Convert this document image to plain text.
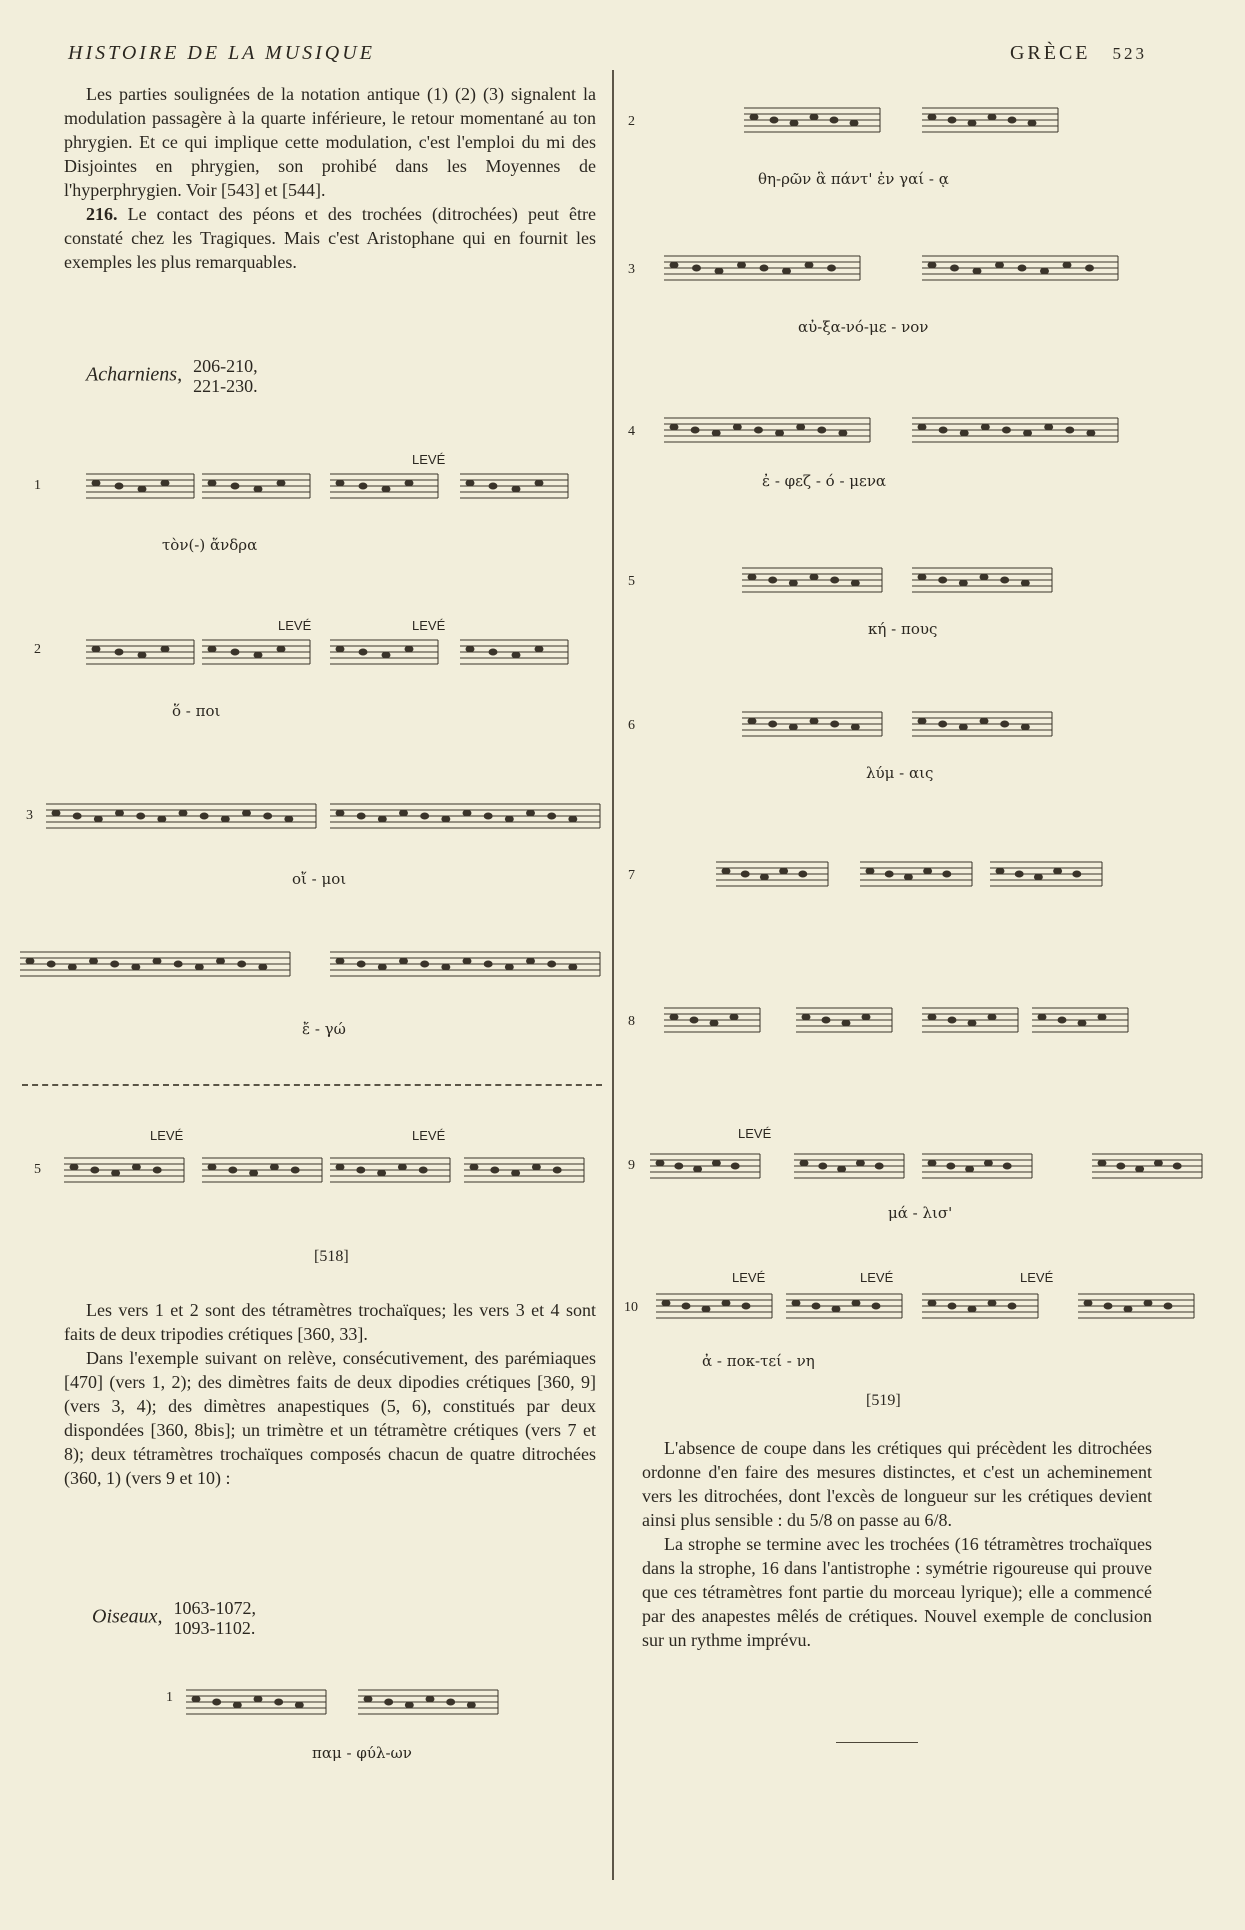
HISTOIRE DE LA MUSIQUE	GRÈCE 523

Les parties soulignées de la notation antique (1) (2) (3) signalent la modulation passagère à la quarte inférieure, le retour momentané au ton phrygien. Et ce qui implique cette modulation, c'est l'emploi du mi des Disjointes en phrygien, son prohibé dans les Moyennes de l'hyperphrygien. Voir [543] et [544].

216. Le contact des péons et des trochées (ditrochées) peut être constaté chez les Tragiques. Mais c'est Aristophane qui en fournit les exemples les plus remarquables.

Acharniens, 206-210,
221-230.
1
LEVÉ
τὸν(-) ἄνδρα
2
LEVÉ	LEVÉ
ὅ - ποι
3
οἴ - μοι
ἔ - γώ
5
LEVÉ	LEVÉ
[518]

Les vers 1 et 2 sont des tétramètres trochaïques; les vers 3 et 4 sont faits de deux tripodies crétiques [360, 33].

Dans l'exemple suivant on relève, consécutivement, des parémiaques [470] (vers 1, 2); des dimètres faits de deux dipodies crétiques [360, 9] (vers 3, 4); des dimètres anapestiques (5, 6), constitués par deux dispondées [360, 8bis]; un trimètre et un tétramètre crétiques (vers 7 et 8); deux tétramètres trochaïques composés chacun de quatre ditrochées (360, 1) (vers 9 et 10) :

Oiseaux, 1063-1072,
1093-1102.
1
παμ - φύλ-ων
2
θη-ρῶν ἃ πάντ' ἐν γαί - ᾳ
3
αὐ-ξα-νό-με - νον
4
ἐ - φεζ - ό - μενα
5
κή - πους
6
λύμ - αις
7
8
9
LEVÉ
μά - λισ'
10
LEVÉ	LEVÉ	LEVÉ
ἀ - ποκ-τεί - νη
[519]

L'absence de coupe dans les crétiques qui précèdent les ditrochées ordonne d'en faire des mesures distinctes, et c'est un acheminement vers les ditrochées, dont l'excès de longueur sur les crétiques devient ainsi plus sensible : du 5/8 on passe au 6/8.

La strophe se termine avec les trochées (16 tétramètres trochaïques dans la strophe, 16 dans l'antistrophe : symétrie rigoureuse qui prouve que ces tétramètres font partie du morceau lyrique); elle a commencé par des anapestes mêlés de crétiques. Nouvel exemple de conclusion sur un rythme imprévu.
